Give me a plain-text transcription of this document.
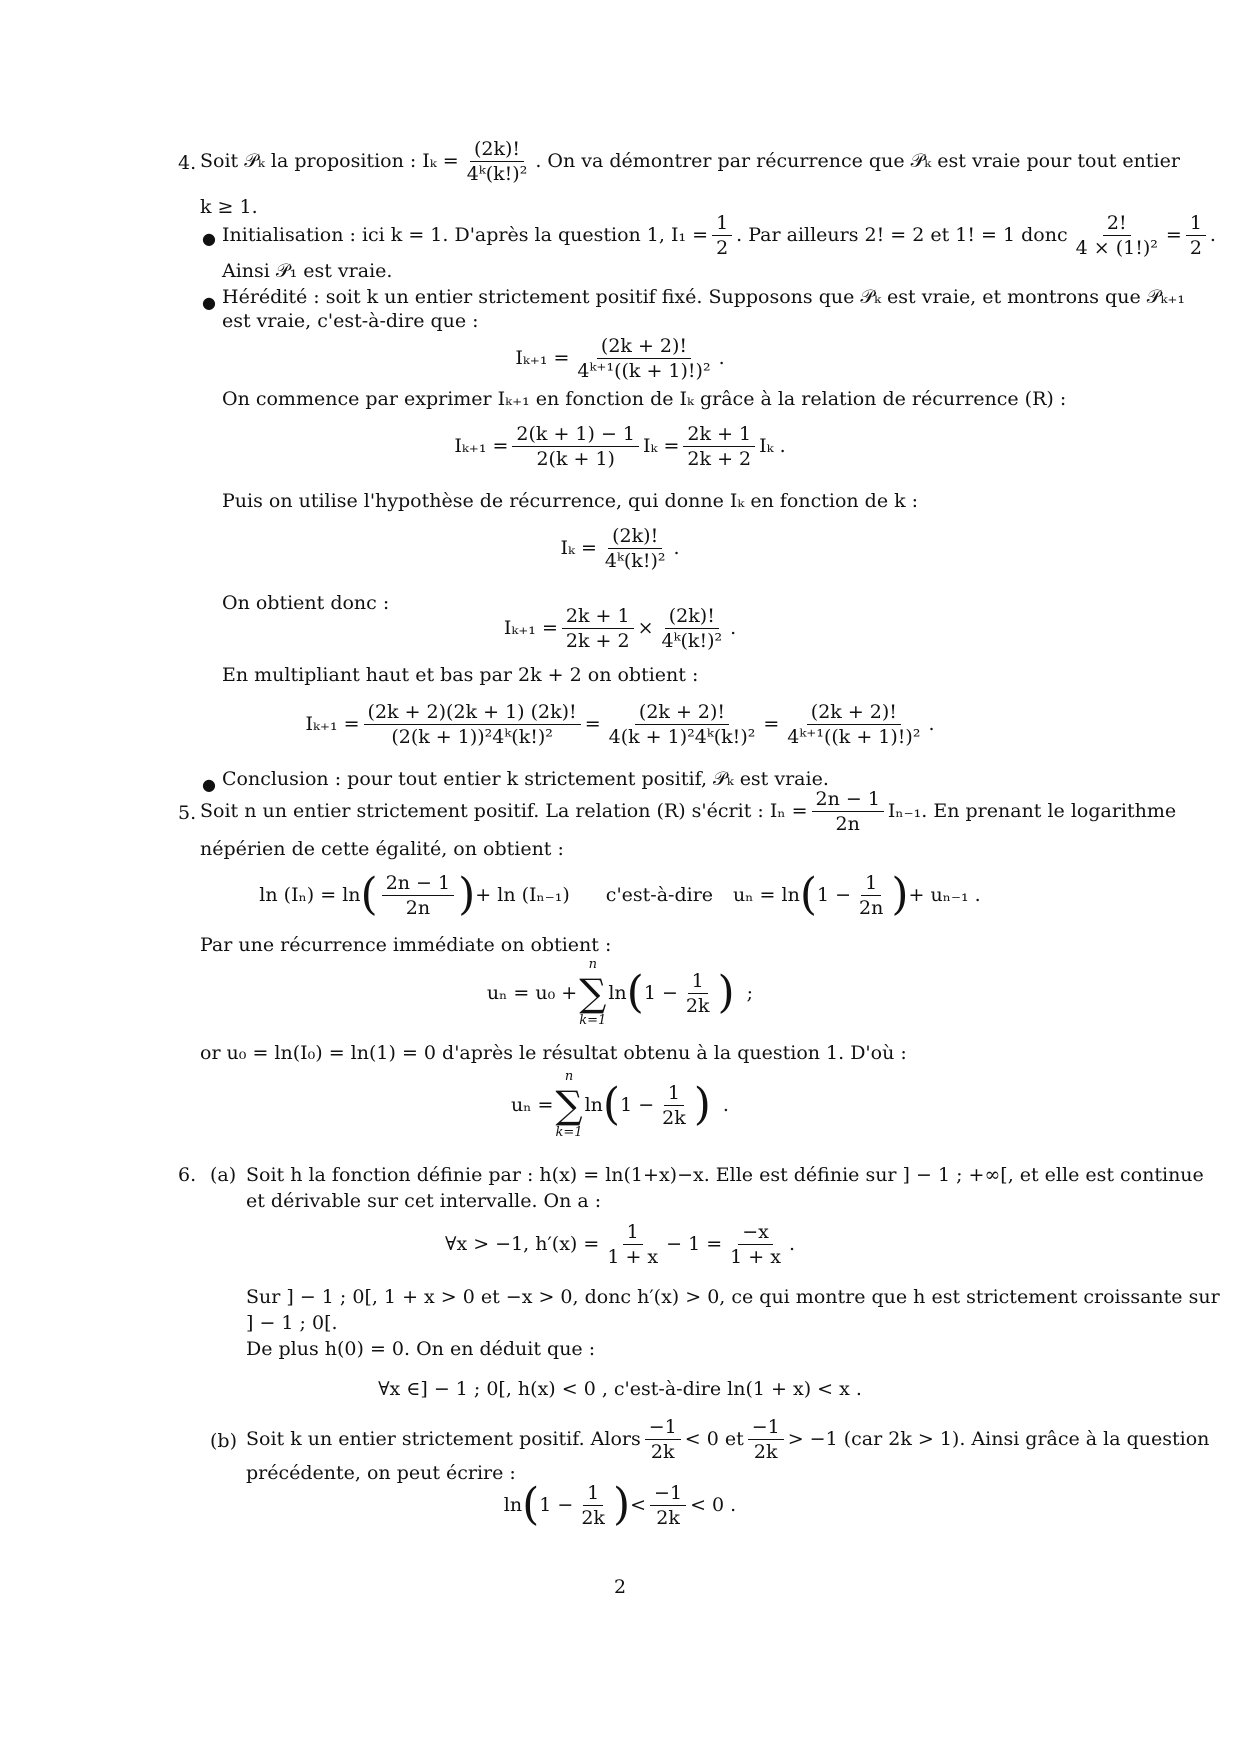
4. Soit 𝒫ₖ la proposition : $I_k = \frac{(2k)!}{\text{4ᵏ(k!)²}}$ . On va démontrer par récurrence que 𝒫ₖ est vraie pour tout entier
k ≥ 1.
● Initialisation : ici k = 1. D'après la question 1, $I_1 = \frac{1}{2}$ . Par ailleurs 2! = 2 et 1! = 1 donc $\frac{2!}{\text{4 × (1!)²}} = \frac{1}{2}$ .
Ainsi 𝒫₁ est vraie.
● Hérédité : soit k un entier strictement positif fixé. Supposons que 𝒫ₖ est vraie, et montrons que 𝒫ₖ₊₁
est vraie, c'est-à-dire que :
$I_{k+1} = \frac{(2k + 2)!}{\text{4ᵏ⁺¹((k + 1)!)²}}$ .
On commence par exprimer Iₖ₊₁ en fonction de Iₖ grâce à la relation de récurrence (R) :
$I_{k+1} = \frac{2(k + 1) - 1}{2(k + 1)}$ $I_k = \frac{2k + 1}{2k + 2}$ Iₖ .
Puis on utilise l'hypothèse de récurrence, qui donne Iₖ en fonction de k :
$I_k = \frac{(2k)!}{\text{4ᵏ(k!)²}}$ .
On obtient donc :
$I_{k+1} = \frac{2k + 1}{2k + 2} \times \frac{(2k)!}{\text{4ᵏ(k!)²}}$ .
En multipliant haut et bas par 2k + 2 on obtient :
$I_{k+1} = \frac{(2k + 2)(2k + 1) (2k)!}{\text{(2(k + 1))²4ᵏ(k!)²}} = \frac{(2k + 2)!}{\text{4(k + 1)²4ᵏ(k!)²}} = \frac{(2k + 2)!}{\text{4ᵏ⁺¹((k + 1)!)²}}$ .
● Conclusion : pour tout entier k strictement positif, 𝒫ₖ est vraie.
5. Soit n un entier strictement positif. La relation (R) s'écrit : $I_n = \frac{2n - 1}{2n} I_{n-1}$. En prenant le logarithme
népérien de cette égalité, on obtient :
ln (Iₙ) = ln ( $\frac{2n - 1}{2n}$ ) + ln (Iₙ₋₁) c'est-à-dire uₙ = ln ( $1 - \frac{1}{2n}$ ) + uₙ₋₁ .
Par une récurrence immédiate on obtient :
uₙ = u₀ +
n
∑
k=1
ln ( $1 - \frac{1}{2k}$ ) ;
or u₀ = ln(I₀) = ln(1) = 0 d'après le résultat obtenu à la question 1. D'où :
uₙ =
n
∑
k=1
ln ( $1 - \frac{1}{2k}$ ) .
6. (a) Soit h la fonction définie par : h(x) = ln(1+x)−x. Elle est définie sur ] − 1 ; +∞[, et elle est continue
et dérivable sur cet intervalle. On a :
∀x > −1, $h'(x) = \frac{1}{1 + x} - 1 = \frac{-x}{1 + x}$ .
Sur ] − 1 ; 0[, 1 + x > 0 et −x > 0, donc h′(x) > 0, ce qui montre que h est strictement croissante sur
] − 1 ; 0[.
De plus h(0) = 0. On en déduit que :
∀x ∈] − 1 ; 0[, h(x) < 0 , c'est-à-dire ln(1 + x) < x .
(b) Soit k un entier strictement positif. Alors $\frac{-1}{2k} < 0$ et $\frac{-1}{2k} > -1$ (car 2k > 1). Ainsi grâce à la question
précédente, on peut écrire :
ln ( $1 - \frac{1}{2k}$ ) < $\frac{-1}{2k} < 0$ .
2
